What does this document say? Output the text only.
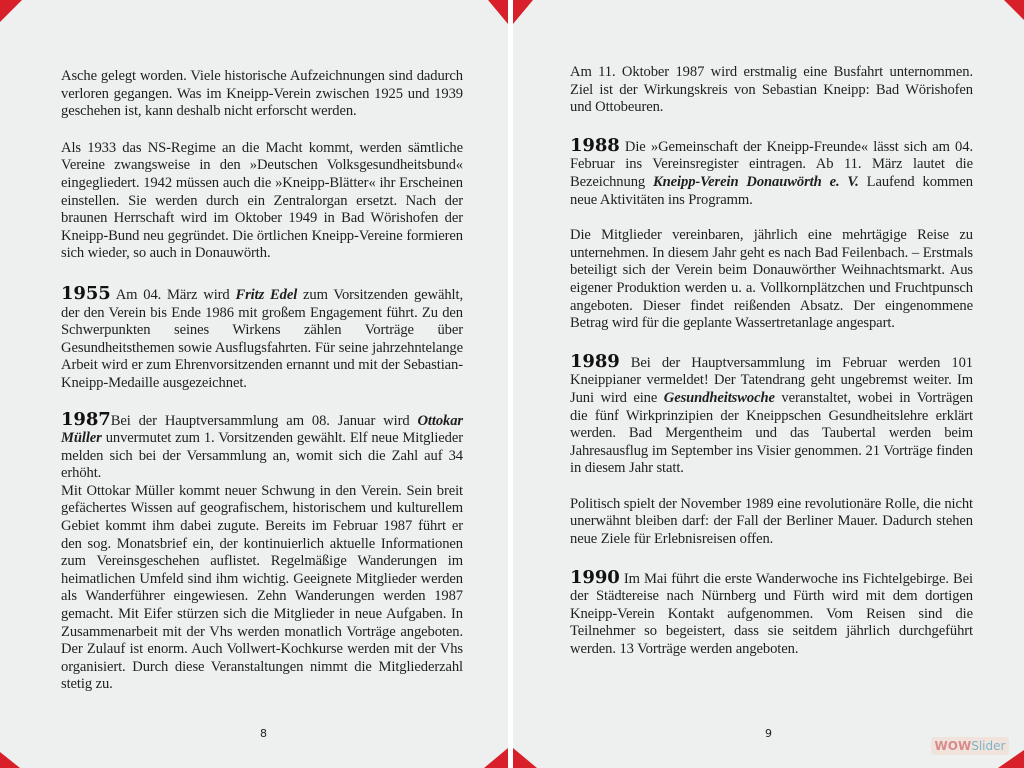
Asche gelegt worden. Viele historische Aufzeichnungen sind dadurch verloren gegangen. Was im Kneipp-Verein zwischen 1925 und 1939 geschehen ist, kann deshalb nicht erforscht werden.

Als 1933 das NS-Regime an die Macht kommt, werden sämtliche Vereine zwangsweise in den »Deutschen Volksgesundheitsbund« eingegliedert. 1942 müssen auch die »Kneipp-Blätter« ihr Erscheinen einstellen. Sie werden durch ein Zentralorgan ersetzt. Nach der braunen Herrschaft wird im Oktober 1949 in Bad Wörishofen der Kneipp-Bund neu gegründet. Die örtlichen Kneipp-Vereine formieren sich wieder, so auch in Donauwörth.

1955 Am 04. März wird Fritz Edel zum Vorsitzenden gewählt, der den Verein bis Ende 1986 mit großem Engagement führt. Zu den Schwerpunkten seines Wirkens zählen Vorträge über Gesundheitsthemen sowie Ausflugsfahrten. Für seine jahrzehntelange Arbeit wird er zum Ehrenvorsitzenden ernannt und mit der Sebastian-Kneipp-Medaille ausgezeichnet.

1987Bei der Hauptversammlung am 08. Januar wird Ottokar Müller unvermutet zum 1. Vorsitzenden gewählt. Elf neue Mitglieder melden sich bei der Versammlung an, womit sich die Zahl auf 34 erhöht.

Mit Ottokar Müller kommt neuer Schwung in den Verein. Sein breit gefächertes Wissen auf geografischem, historischem und kulturellem Gebiet kommt ihm dabei zugute. Bereits im Februar 1987 führt er den sog. Monatsbrief ein, der kontinuierlich aktuelle Informationen zum Vereinsgeschehen auflistet. Regelmäßige Wanderungen im heimatlichen Umfeld sind ihm wichtig. Geeignete Mitglieder werden als Wanderführer eingewiesen. Zehn Wanderungen werden 1987 gemacht. Mit Eifer stürzen sich die Mitglieder in neue Aufgaben. In Zusammenarbeit mit der Vhs werden monatlich Vorträge angeboten. Der Zulauf ist enorm. Auch Vollwert-Kochkurse werden mit der Vhs organisiert. Durch diese Veranstaltungen nimmt die Mitgliederzahl stetig zu.

8

Am 11. Oktober 1987 wird erstmalig eine Busfahrt unternommen. Ziel ist der Wirkungskreis von Sebastian Kneipp: Bad Wörishofen und Ottobeuren.

1988 Die »Gemeinschaft der Kneipp-Freunde« lässt sich am 04. Februar ins Vereinsregister eintragen. Ab 11. März lautet die Bezeichnung Kneipp-Verein Donauwörth e. V. Laufend kommen neue Aktivitäten ins Programm.

Die Mitglieder vereinbaren, jährlich eine mehrtägige Reise zu unternehmen. In diesem Jahr geht es nach Bad Feilenbach. – Erstmals beteiligt sich der Verein beim Donauwörther Weihnachtsmarkt. Aus eigener Produktion werden u. a. Vollkornplätzchen und Fruchtpunsch angeboten. Dieser findet reißenden Absatz. Der eingenommene Betrag wird für die geplante Wassertretanlage angespart.

1989 Bei der Hauptversammlung im Februar werden 101 Kneippianer vermeldet! Der Tatendrang geht ungebremst weiter. Im Juni wird eine Gesundheitswoche veranstaltet, wobei in Vorträgen die fünf Wirkprinzipien der Kneippschen Gesundheitslehre erklärt werden. Bad Mergentheim und das Taubertal werden beim Jahresausflug im September ins Visier genommen. 21 Vorträge finden in diesem Jahr statt.

Politisch spielt der November 1989 eine revolutionäre Rolle, die nicht unerwähnt bleiben darf: der Fall der Berliner Mauer. Dadurch stehen neue Ziele für Erlebnisreisen offen.

1990 Im Mai führt die erste Wanderwoche ins Fichtelgebirge. Bei der Städtereise nach Nürnberg und Fürth wird mit dem dortigen Kneipp-Verein Kontakt aufgenommen. Vom Reisen sind die Teilnehmer so begeistert, dass sie seitdem jährlich durchgeführt werden. 13 Vorträge werden angeboten.

9
WOWSlider
